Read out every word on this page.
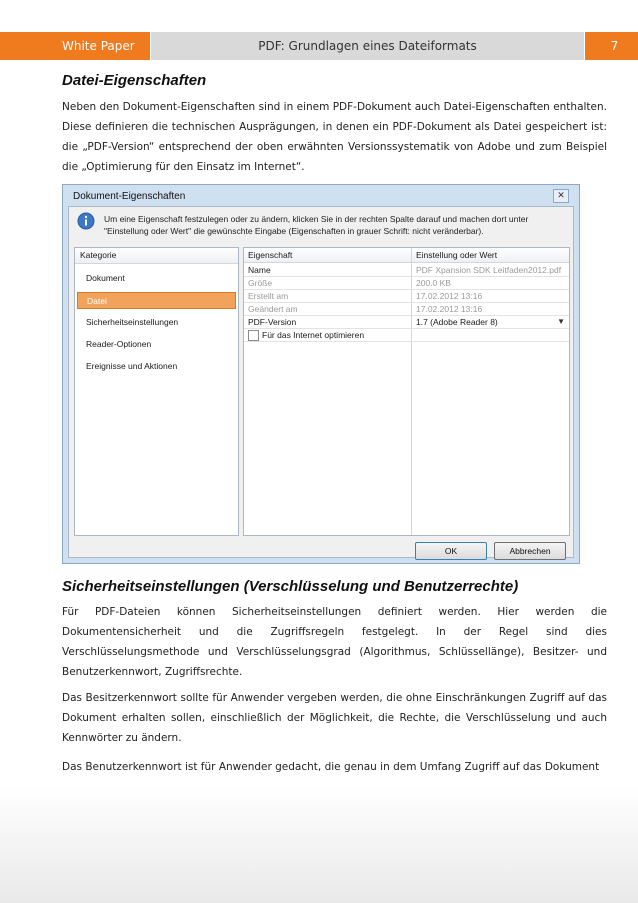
White Paper	PDF: Grundlagen eines Dateiformats	7
Datei-Eigenschaften

Neben den Dokument-Eigenschaften sind in einem PDF-Dokument auch Datei-Eigenschaften enthalten. Diese definieren die technischen Ausprägungen, in denen ein PDF-Dokument als Datei gespeichert ist: die „PDF-Version“ entsprechend der oben erwähnten Versionssystematik von Adobe und zum Beispiel die „Optimierung für den Einsatz im Internet“.

Dokument-Eigenschaften	✕
Um eine Eigenschaft festzulegen oder zu ändern, klicken Sie in der rechten Spalte darauf und machen dort unter "Einstellung oder Wert" die gewünschte Eingabe (Eigenschaften in grauer Schrift: nicht veränderbar).
Kategorie
Dokument
Datei
Sicherheitseinstellungen
Reader-Optionen
Ereignisse und Aktionen
Eigenschaft	Einstellung oder Wert
Name	PDF Xpansion SDK Leitfaden2012.pdf
Größe	200.0 KB
Erstellt am	17.02.2012 13:16
Geändert am	17.02.2012 13:16
PDF-Version	1.7 (Adobe Reader 8)	▼
Für das Internet optimieren
OK	Abbrechen
Sicherheitseinstellungen (Verschlüsselung und Benutzerrechte)

Für PDF-Dateien können Sicherheitseinstellungen definiert werden. Hier werden die Dokumentensicherheit und die Zugriffsregeln festgelegt. In der Regel sind dies Verschlüsselungsmethode und Verschlüsselungsgrad (Algorithmus, Schlüssellänge), Besitzer- und Benutzerkennwort, Zugriffsrechte.

Das Besitzerkennwort sollte für Anwender vergeben werden, die ohne Einschränkungen Zugriff auf das Dokument erhalten sollen, einschließlich der Möglichkeit, die Rechte, die Verschlüsselung und auch Kennwörter zu ändern.

Das Benutzerkennwort ist für Anwender gedacht, die genau in dem Umfang Zugriff auf das Dokument
